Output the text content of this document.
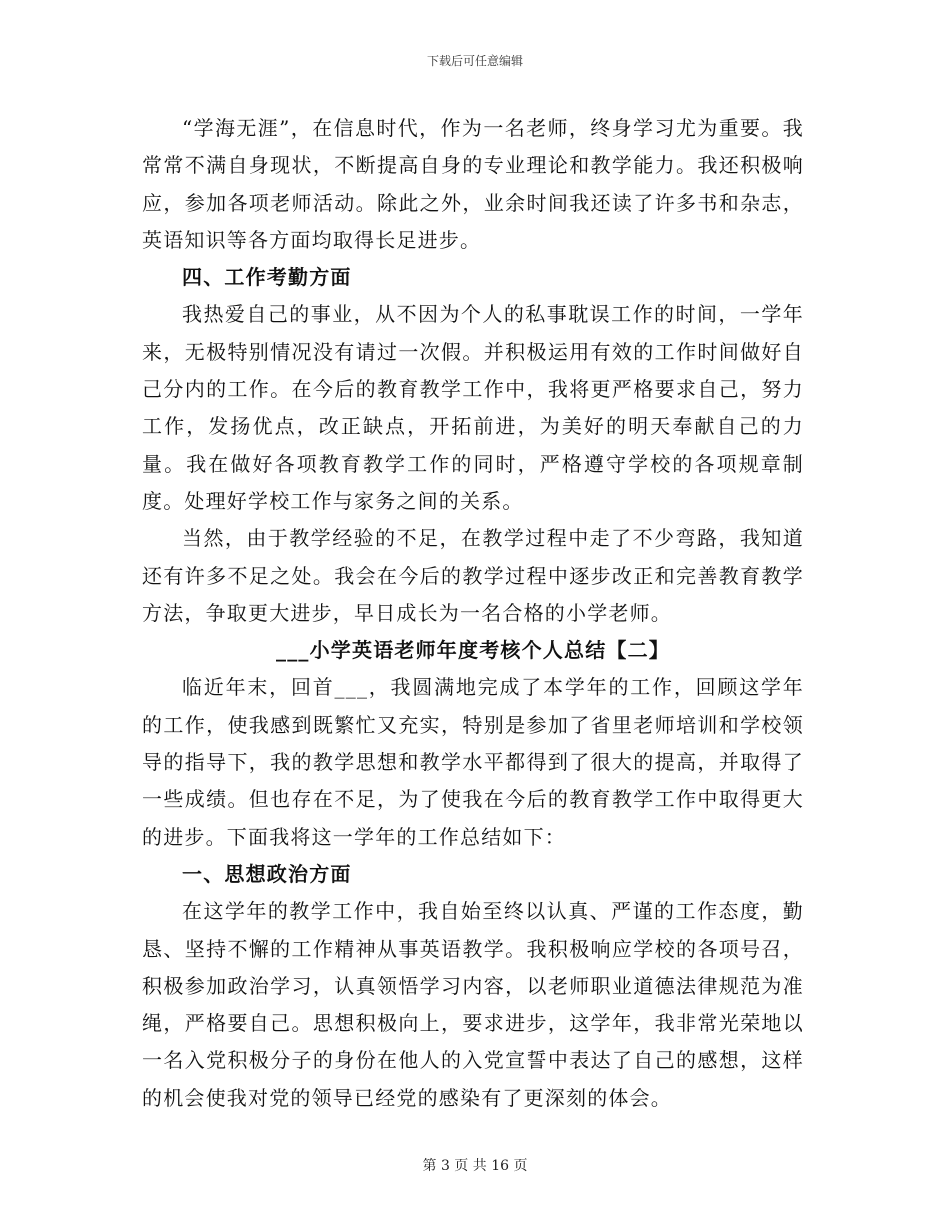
下载后可任意编辑

“学海无涯”，在信息时代，作为一名老师，终身学习尤为重要。我常常不满自身现状，不断提高自身的专业理论和教学能力。我还积极响应，参加各项老师活动。除此之外，业余时间我还读了许多书和杂志，英语知识等各方面均取得长足进步。

四、工作考勤方面

我热爱自己的事业，从不因为个人的私事耽误工作的时间，一学年来，无极特别情况没有请过一次假。并积极运用有效的工作时间做好自己分内的工作。在今后的教育教学工作中，我将更严格要求自己，努力工作，发扬优点，改正缺点，开拓前进，为美好的明天奉献自己的力量。我在做好各项教育教学工作的同时，严格遵守学校的各项规章制度。处理好学校工作与家务之间的关系。

当然，由于教学经验的不足，在教学过程中走了不少弯路，我知道还有许多不足之处。我会在今后的教学过程中逐步改正和完善教育教学方法，争取更大进步，早日成长为一名合格的小学老师。

___小学英语老师年度考核个人总结【二】

临近年末，回首___，我圆满地完成了本学年的工作，回顾这学年的工作，使我感到既繁忙又充实，特别是参加了省里老师培训和学校领导的指导下，我的教学思想和教学水平都得到了很大的提高，并取得了一些成绩。但也存在不足，为了使我在今后的教育教学工作中取得更大的进步。下面我将这一学年的工作总结如下：

一、思想政治方面

在这学年的教学工作中，我自始至终以认真、严谨的工作态度，勤恳、坚持不懈的工作精神从事英语教学。我积极响应学校的各项号召，积极参加政治学习，认真领悟学习内容，以老师职业道德法律规范为准绳，严格要自己。思想积极向上，要求进步，这学年，我非常光荣地以一名入党积极分子的身份在他人的入党宣誓中表达了自己的感想，这样的机会使我对党的领导已经党的感染有了更深刻的体会。

第 3 页 共 16 页
